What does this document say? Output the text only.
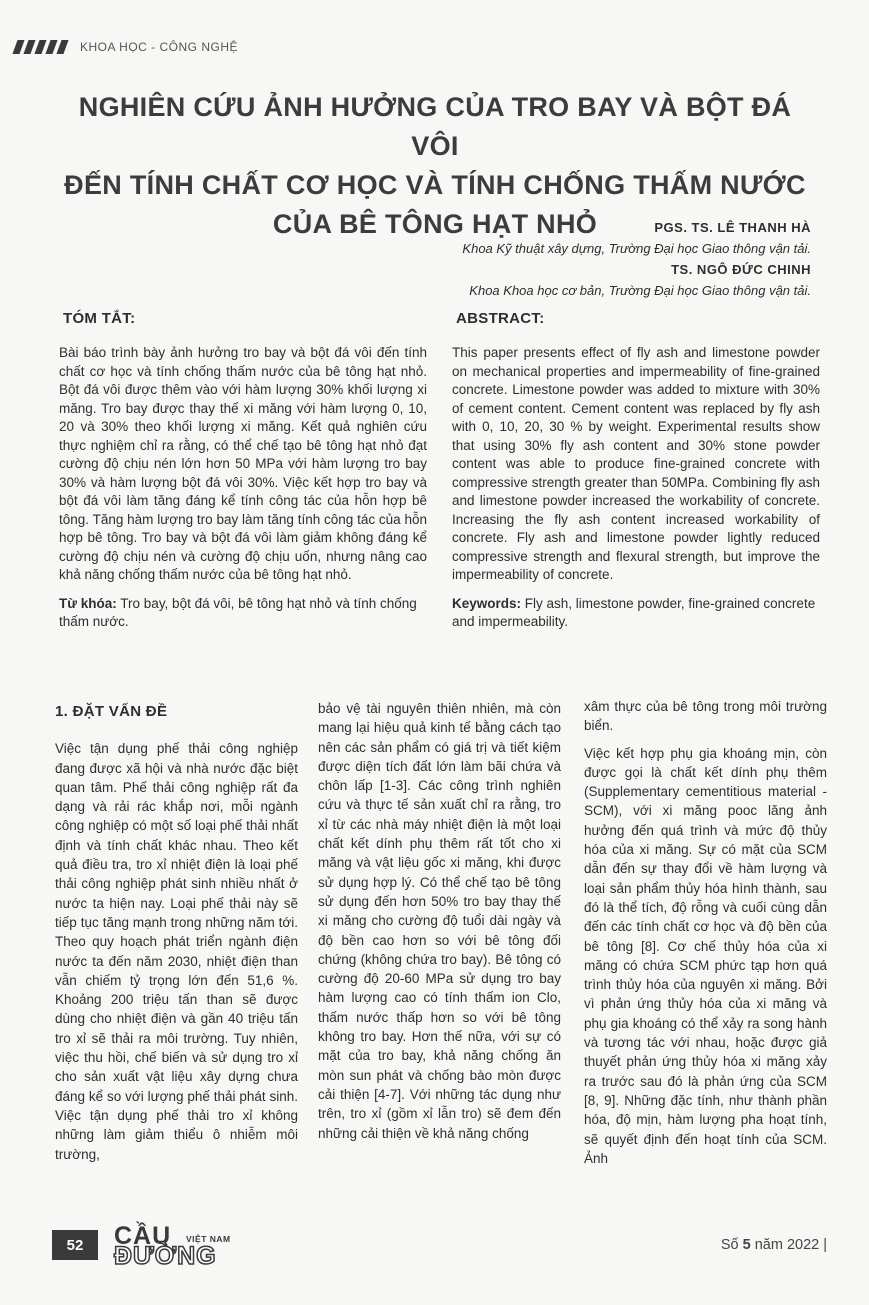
KHOA HỌC - CÔNG NGHỆ
NGHIÊN CỨU ẢNH HƯỞNG CỦA TRO BAY VÀ BỘT ĐÁ VÔI
ĐẾN TÍNH CHẤT CƠ HỌC VÀ TÍNH CHỐNG THẤM NƯỚC
CỦA BÊ TÔNG HẠT NHỎ	PGS. TS. LÊ THANH HÀ
Khoa Kỹ thuật xây dựng, Trường Đại học Giao thông vận tải.
TS. NGÔ ĐỨC CHINH
Khoa Khoa học cơ bản, Trường Đại học Giao thông vận tải.
TÓM TẮT:

Bài báo trình bày ảnh hưởng tro bay và bột đá vôi đến tính chất cơ học và tính chống thấm nước của bê tông hạt nhỏ. Bột đá vôi được thêm vào với hàm lượng 30% khối lượng xi măng. Tro bay được thay thế xi măng với hàm lượng 0, 10, 20 và 30% theo khối lượng xi măng. Kết quả nghiên cứu thực nghiệm chỉ ra rằng, có thể chế tạo bê tông hạt nhỏ đạt cường độ chịu nén lớn hơn 50 MPa với hàm lượng tro bay 30% và hàm lượng bột đá vôi 30%. Việc kết hợp tro bay và bột đá vôi làm tăng đáng kể tính công tác của hỗn hợp bê tông. Tăng hàm lượng tro bay làm tăng tính công tác của hỗn hợp bê tông. Tro bay và bột đá vôi làm giảm không đáng kể cường độ chịu nén và cường độ chịu uốn, nhưng nâng cao khả năng chống thấm nước của bê tông hạt nhỏ.

Từ khóa: Tro bay, bột đá vôi, bê tông hạt nhỏ và tính chống thấm nước.
ABSTRACT:

This paper presents effect of fly ash and limestone powder on mechanical properties and impermeability of fine-grained concrete. Limestone powder was added to mixture with 30% of cement content. Cement content was replaced by fly ash with 0, 10, 20, 30 % by weight. Experimental results show that using 30% fly ash content and 30% stone powder content was able to produce fine-grained concrete with compressive strength greater than 50MPa. Combining fly ash and limestone powder increased the workability of concrete. Increasing the fly ash content increased workability of concrete. Fly ash and limestone powder lightly reduced compressive strength and flexural strength, but improve the impermeability of concrete.

Keywords: Fly ash, limestone powder, fine-grained concrete and impermeability.
1. ĐẶT VẤN ĐỀ

Việc tận dụng phế thải công nghiệp đang được xã hội và nhà nước đặc biệt quan tâm. Phế thải công nghiệp rất đa dạng và rải rác khắp nơi, mỗi ngành công nghiệp có một số loại phế thải nhất định và tính chất khác nhau. Theo kết quả điều tra, tro xỉ nhiệt điện là loại phế thải công nghiệp phát sinh nhiều nhất ở nước ta hiện nay. Loại phế thải này sẽ tiếp tục tăng mạnh trong những năm tới. Theo quy hoạch phát triển ngành điện nước ta đến năm 2030, nhiệt điện than vẫn chiếm tỷ trọng lớn đến 51,6 %. Khoảng 200 triệu tấn than sẽ được dùng cho nhiệt điện và gần 40 triệu tấn tro xỉ sẽ thải ra môi trường. Tuy nhiên, việc thu hồi, chế biến và sử dụng tro xỉ cho sản xuất vật liệu xây dựng chưa đáng kể so với lượng phế thải phát sinh. Việc tận dụng phế thải tro xỉ không những làm giảm thiểu ô nhiễm môi trường,

bảo vệ tài nguyên thiên nhiên, mà còn mang lại hiệu quả kinh tế bằng cách tạo nên các sản phẩm có giá trị và tiết kiệm được diện tích đất lớn làm bãi chứa và chôn lấp [1-3]. Các công trình nghiên cứu và thực tế sản xuất chỉ ra rằng, tro xỉ từ các nhà máy nhiệt điện là một loại chất kết dính phụ thêm rất tốt cho xi măng và vật liệu gốc xi măng, khi được sử dụng hợp lý. Có thể chế tạo bê tông sử dụng đến hơn 50% tro bay thay thế xi măng cho cường độ tuổi dài ngày và độ bền cao hơn so với bê tông đối chứng (không chứa tro bay). Bê tông có cường độ 20-60 MPa sử dụng tro bay hàm lượng cao có tính thấm ion Clo, thấm nước thấp hơn so với bê tông không tro bay. Hơn thế nữa, với sự có mặt của tro bay, khả năng chống ăn mòn sun phát và chống bào mòn được cải thiện [4-7]. Với những tác dụng như trên, tro xỉ (gồm xỉ lẫn tro) sẽ đem đến những cải thiện về khả năng chống

xâm thực của bê tông trong môi trường biển.

Việc kết hợp phụ gia khoáng mịn, còn được gọi là chất kết dính phụ thêm (Supplementary cementitious material - SCM), với xi măng pooc lăng ảnh hưởng đến quá trình và mức độ thủy hóa của xi măng. Sự có mặt của SCM dẫn đến sự thay đổi về hàm lượng và loại sản phẩm thủy hóa hình thành, sau đó là thể tích, độ rỗng và cuối cùng dẫn đến các tính chất cơ học và độ bền của bê tông [8]. Cơ chế thủy hóa của xi măng có chứa SCM phức tạp hơn quá trình thủy hóa của nguyên xi măng. Bởi vì phản ứng thủy hóa của xi măng và phụ gia khoáng có thể xảy ra song hành và tương tác với nhau, hoặc được giả thuyết phản ứng thủy hóa xi măng xảy ra trước sau đó là phản ứng của SCM [8, 9]. Những đặc tính, như thành phần hóa, độ mịn, hàm lượng pha hoạt tính, sẽ quyết định đến hoạt tính của SCM. Ảnh

52	CẦU VIỆT NAM
ĐƯỜNG	Số 5 năm 2022 |
